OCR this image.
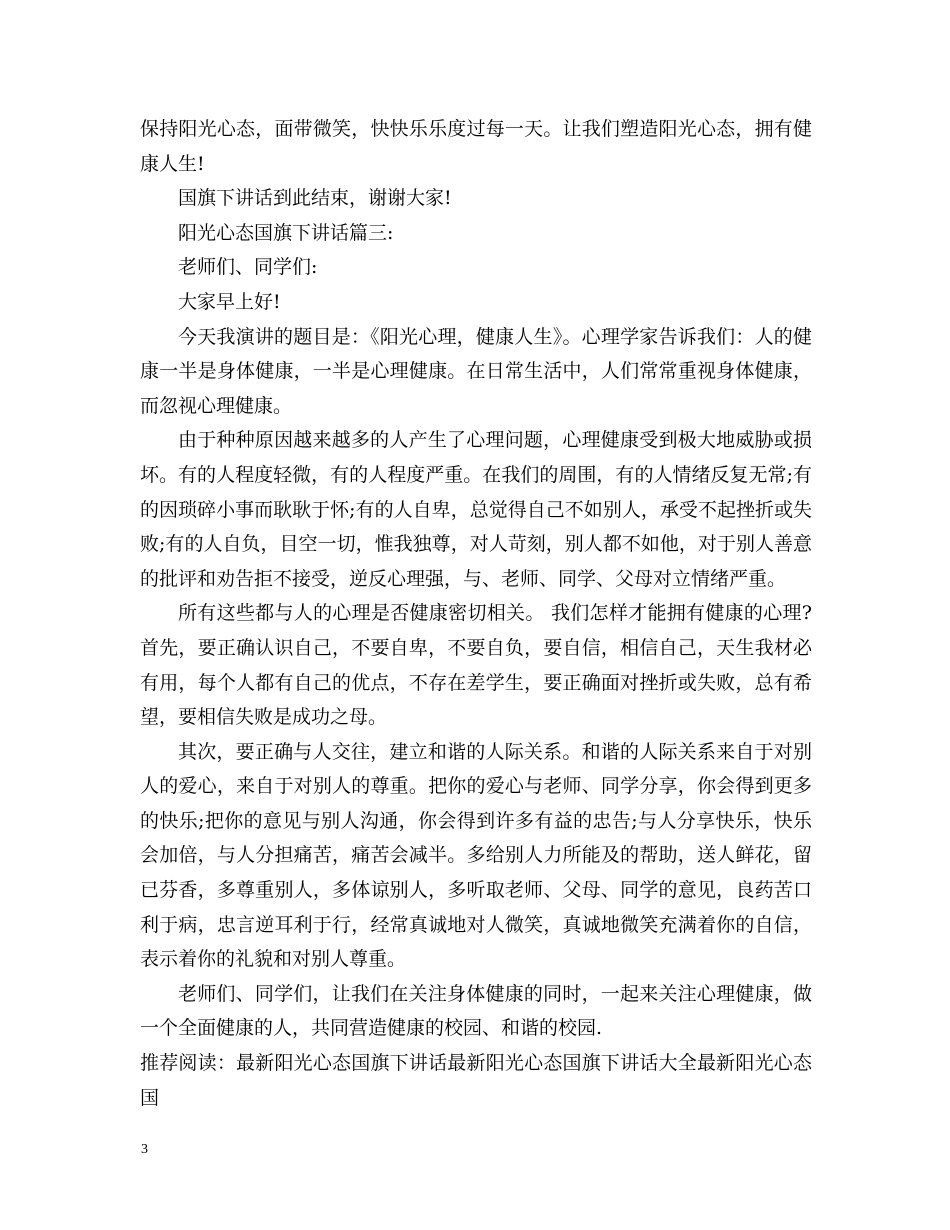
保持阳光心态，面带微笑，快快乐乐度过每一天。让我们塑造阳光心态，拥有健康人生!

国旗下讲话到此结束，谢谢大家!

阳光心态国旗下讲话篇三:

老师们、同学们:

大家早上好!

今天我演讲的题目是：《阳光心理，健康人生》。心理学家告诉我们：人的健康一半是身体健康，一半是心理健康。在日常生活中，人们常常重视身体健康，而忽视心理健康。

由于种种原因越来越多的人产生了心理问题，心理健康受到极大地威胁或损坏。有的人程度轻微，有的人程度严重。在我们的周围，有的人情绪反复无常;有的因琐碎小事而耿耿于怀;有的人自卑，总觉得自己不如别人，承受不起挫折或失败;有的人自负，目空一切，惟我独尊，对人苛刻，别人都不如他，对于别人善意的批评和劝告拒不接受，逆反心理强，与、老师、同学、父母对立情绪严重。

所有这些都与人的心理是否健康密切相关。 我们怎样才能拥有健康的心理?首先，要正确认识自己，不要自卑，不要自负，要自信，相信自己，天生我材必有用，每个人都有自己的优点，不存在差学生，要正确面对挫折或失败，总有希望，要相信失败是成功之母。

其次，要正确与人交往，建立和谐的人际关系。和谐的人际关系来自于对别人的爱心，来自于对别人的尊重。把你的爱心与老师、同学分享，你会得到更多的快乐;把你的意见与别人沟通，你会得到许多有益的忠告;与人分享快乐，快乐会加倍，与人分担痛苦，痛苦会减半。多给别人力所能及的帮助，送人鲜花，留已芬香，多尊重别人，多体谅别人，多听取老师、父母、同学的意见，良药苦口利于病，忠言逆耳利于行，经常真诚地对人微笑，真诚地微笑充满着你的自信，表示着你的礼貌和对别人尊重。

老师们、同学们，让我们在关注身体健康的同时，一起来关注心理健康，做一个全面健康的人，共同营造健康的校园、和谐的校园.

推荐阅读：最新阳光心态国旗下讲话最新阳光心态国旗下讲话大全最新阳光心态国

3
